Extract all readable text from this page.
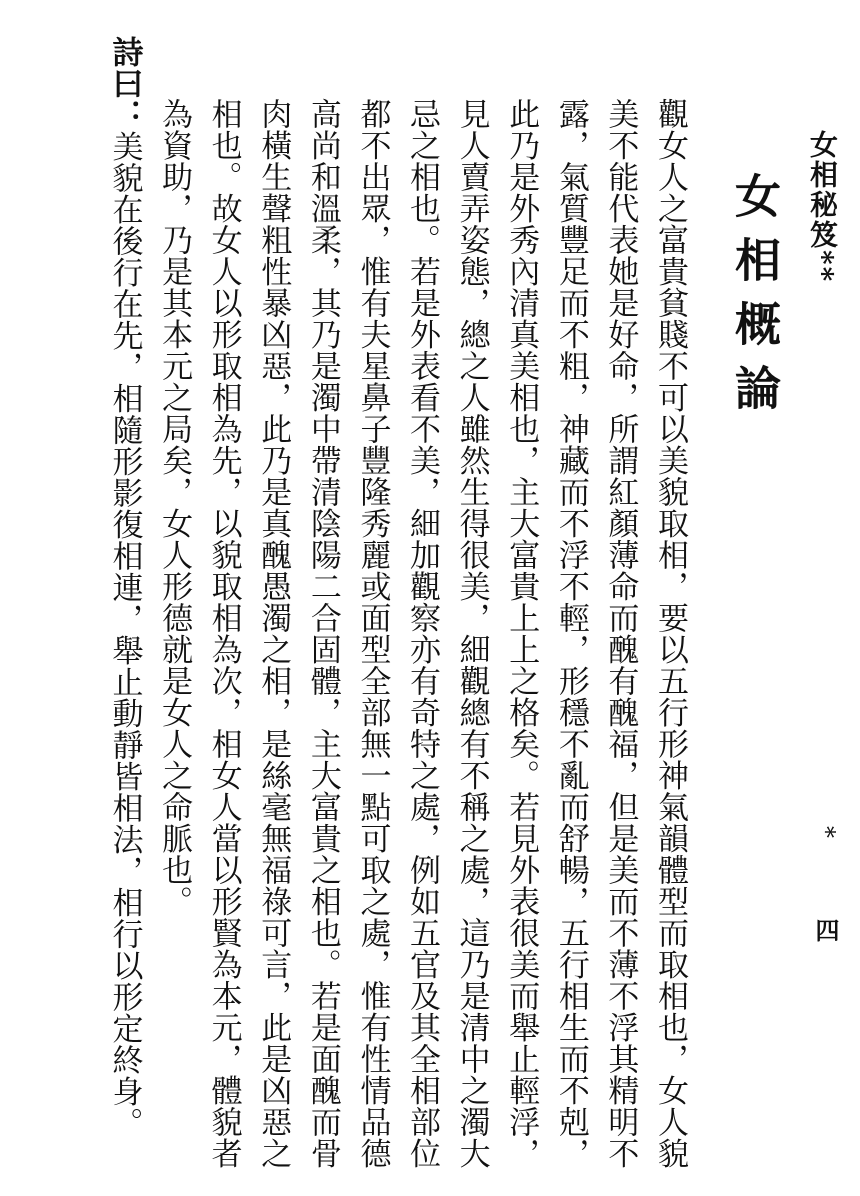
女相秘笈**
*
四
女相概論

觀女人之富貴貧賤不可以美貌取相，要以五行形神氣韻體型而取相也，女人貌美不能代表她是好命，所謂紅顏薄命而醜有醜福，但是美而不薄不浮其精明不露，氣質豐足而不粗，神藏而不浮不輕，形穩不亂而舒暢，五行相生而不剋，此乃是外秀內清真美相也，主大富貴上上之格矣。若見外表很美而舉止輕浮，見人賣弄姿態，總之人雖然生得很美，細觀總有不稱之處，這乃是清中之濁大忌之相也。若是外表看不美，細加觀察亦有奇特之處，例如五官及其全相部位都不出眾，惟有夫星鼻子豐隆秀麗或面型全部無一點可取之處，惟有性情品德高尚和溫柔，其乃是濁中帶清陰陽二合固體，主大富貴之相也。若是面醜而骨肉橫生聲粗性暴凶惡，此乃是真醜愚濁之相，是絲毫無福祿可言，此是凶惡之相也。故女人以形取相為先，以貌取相為次，相女人當以形賢為本元，體貌者為資助，乃是其本元之局矣，女人形德就是女人之命脈也。

詩曰：美貌在後行在先，相隨形影復相連，舉止動靜皆相法，相行以形定終身。
